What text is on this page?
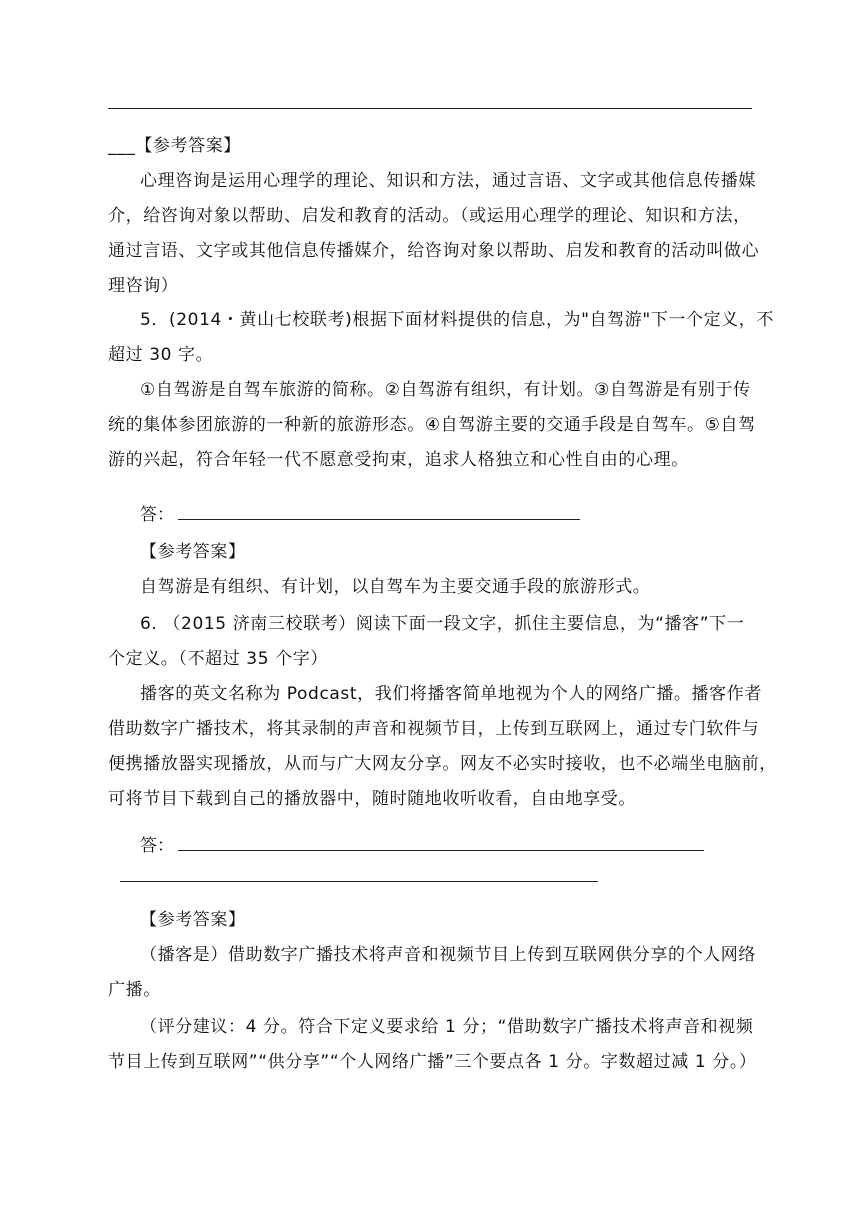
___【参考答案】
心理咨询是运用心理学的理论、知识和方法，通过言语、文字或其他信息传播媒
介，给咨询对象以帮助、启发和教育的活动。（或运用心理学的理论、知识和方法，
通过言语、文字或其他信息传播媒介，给咨询对象以帮助、启发和教育的活动叫做心
理咨询）
5．(2014・黄山七校联考)根据下面材料提供的信息，为"自驾游"下一个定义，不
超过 30 字。
①自驾游是自驾车旅游的简称。②自驾游有组织，有计划。③自驾游是有别于传
统的集体参团旅游的一种新的旅游形态。④自驾游主要的交通手段是自驾车。⑤自驾
游的兴起，符合年轻一代不愿意受拘束，追求人格独立和心性自由的心理。
答：
【参考答案】
自驾游是有组织、有计划，以自驾车为主要交通手段的旅游形式。
6. （2015 济南三校联考）阅读下面一段文字，抓住主要信息，为“播客”下一
个定义。（不超过 35 个字）
播客的英文名称为 Podcast，我们将播客简单地视为个人的网络广播。播客作者
借助数字广播技术，将其录制的声音和视频节目，上传到互联网上，通过专门软件与
便携播放器实现播放，从而与广大网友分享。网友不必实时接收，也不必端坐电脑前，
可将节目下载到自己的播放器中，随时随地收听收看，自由地享受。
答：
【参考答案】
（播客是）借助数字广播技术将声音和视频节目上传到互联网供分享的个人网络
广播。
（评分建议：4 分。符合下定义要求给 1 分；“借助数字广播技术将声音和视频
节目上传到互联网”“供分享”“个人网络广播”三个要点各 1 分。字数超过减 1 分。）
